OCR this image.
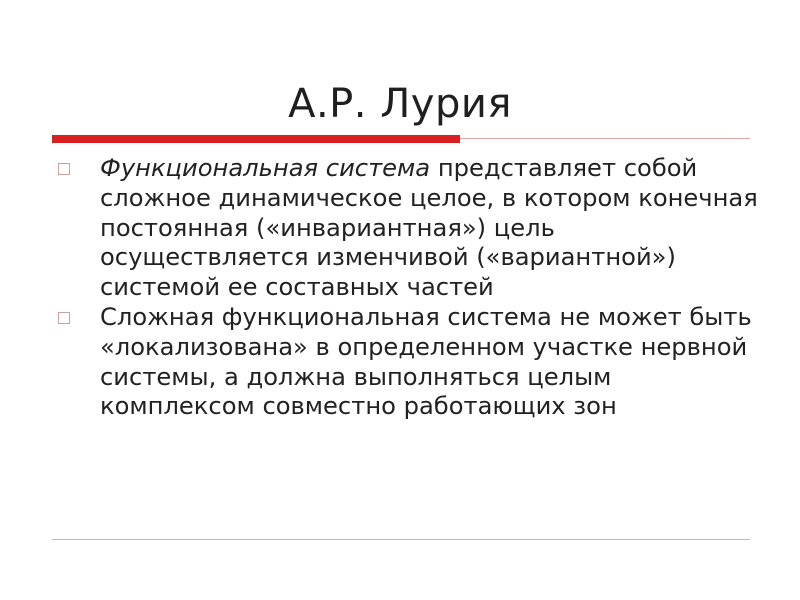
А.Р. Лурия
Функциональная система представляет собой сложное динамическое целое, в котором конечная постоянная («инвариантная») цель осуществляется изменчивой («вариантной») системой ее составных частей
Сложная функциональная система не может быть «локализована» в определенном участке нервной системы, а должна выполняться целым комплексом совместно работающих зон
